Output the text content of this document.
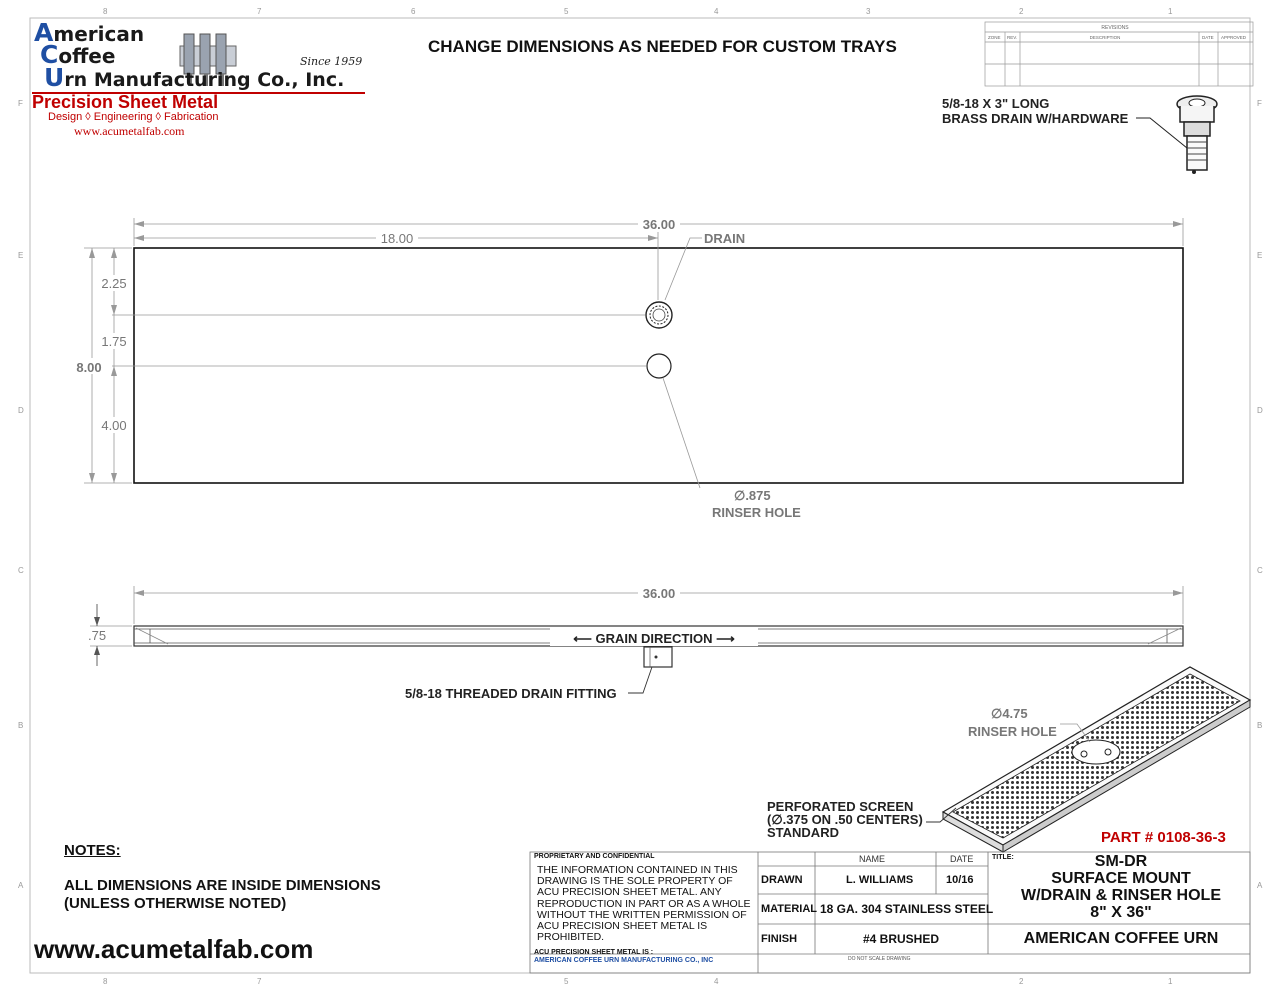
8	7	6	5	4	3	2	1
F
E
D
C
B
A
F
E
D
C
B
A
8	7	5	4	2	1
REVISIONS
ZONE REV.	DESCRIPTION	DATE APPROVED
5/8-18 X 3" LONG
BRASS DRAIN W/HARDWARE
36.00
18.00	DRAIN
8.00
2.25
1.75
4.00
∅.875
RINSER HOLE
36.00
.75	⟵ GRAIN DIRECTION ⟶
5/8-18 THREADED DRAIN FITTING
∅4.75
RINSER HOLE
PERFORATED SCREEN
(∅.375 ON .50 CENTERS)
STANDARD
American
Coffee
Urn Manufacturing Co., Inc.
Since 1959
Precision Sheet Metal
Design ◊ Engineering ◊ Fabrication
www.acumetalfab.com
CHANGE DIMENSIONS AS NEEDED FOR CUSTOM TRAYS
NOTES:
ALL DIMENSIONS ARE INSIDE DIMENSIONS
(UNLESS OTHERWISE NOTED)
www.acumetalfab.com
PART # 0108-36-3
PROPRIETARY AND CONFIDENTIAL
THE INFORMATION CONTAINED IN THIS DRAWING IS THE SOLE PROPERTY OF ACU PRECISION SHEET METAL. ANY REPRODUCTION IN PART OR AS A WHOLE WITHOUT THE WRITTEN PERMISSION OF ACU PRECISION SHEET METAL IS PROHIBITED.
ACU PRECISION SHEET METAL IS :
AMERICAN COFFEE URN MANUFACTURING CO., INC
NAME	DATE	TITLE:
DRAWN	L. WILLIAMS	10/16
MATERIAL 18 GA. 304 STAINLESS STEEL
FINISH	#4 BRUSHED
DO NOT SCALE DRAWING
SM-DR
SURFACE MOUNT
W/DRAIN & RINSER HOLE
8" X 36"
AMERICAN COFFEE URN
